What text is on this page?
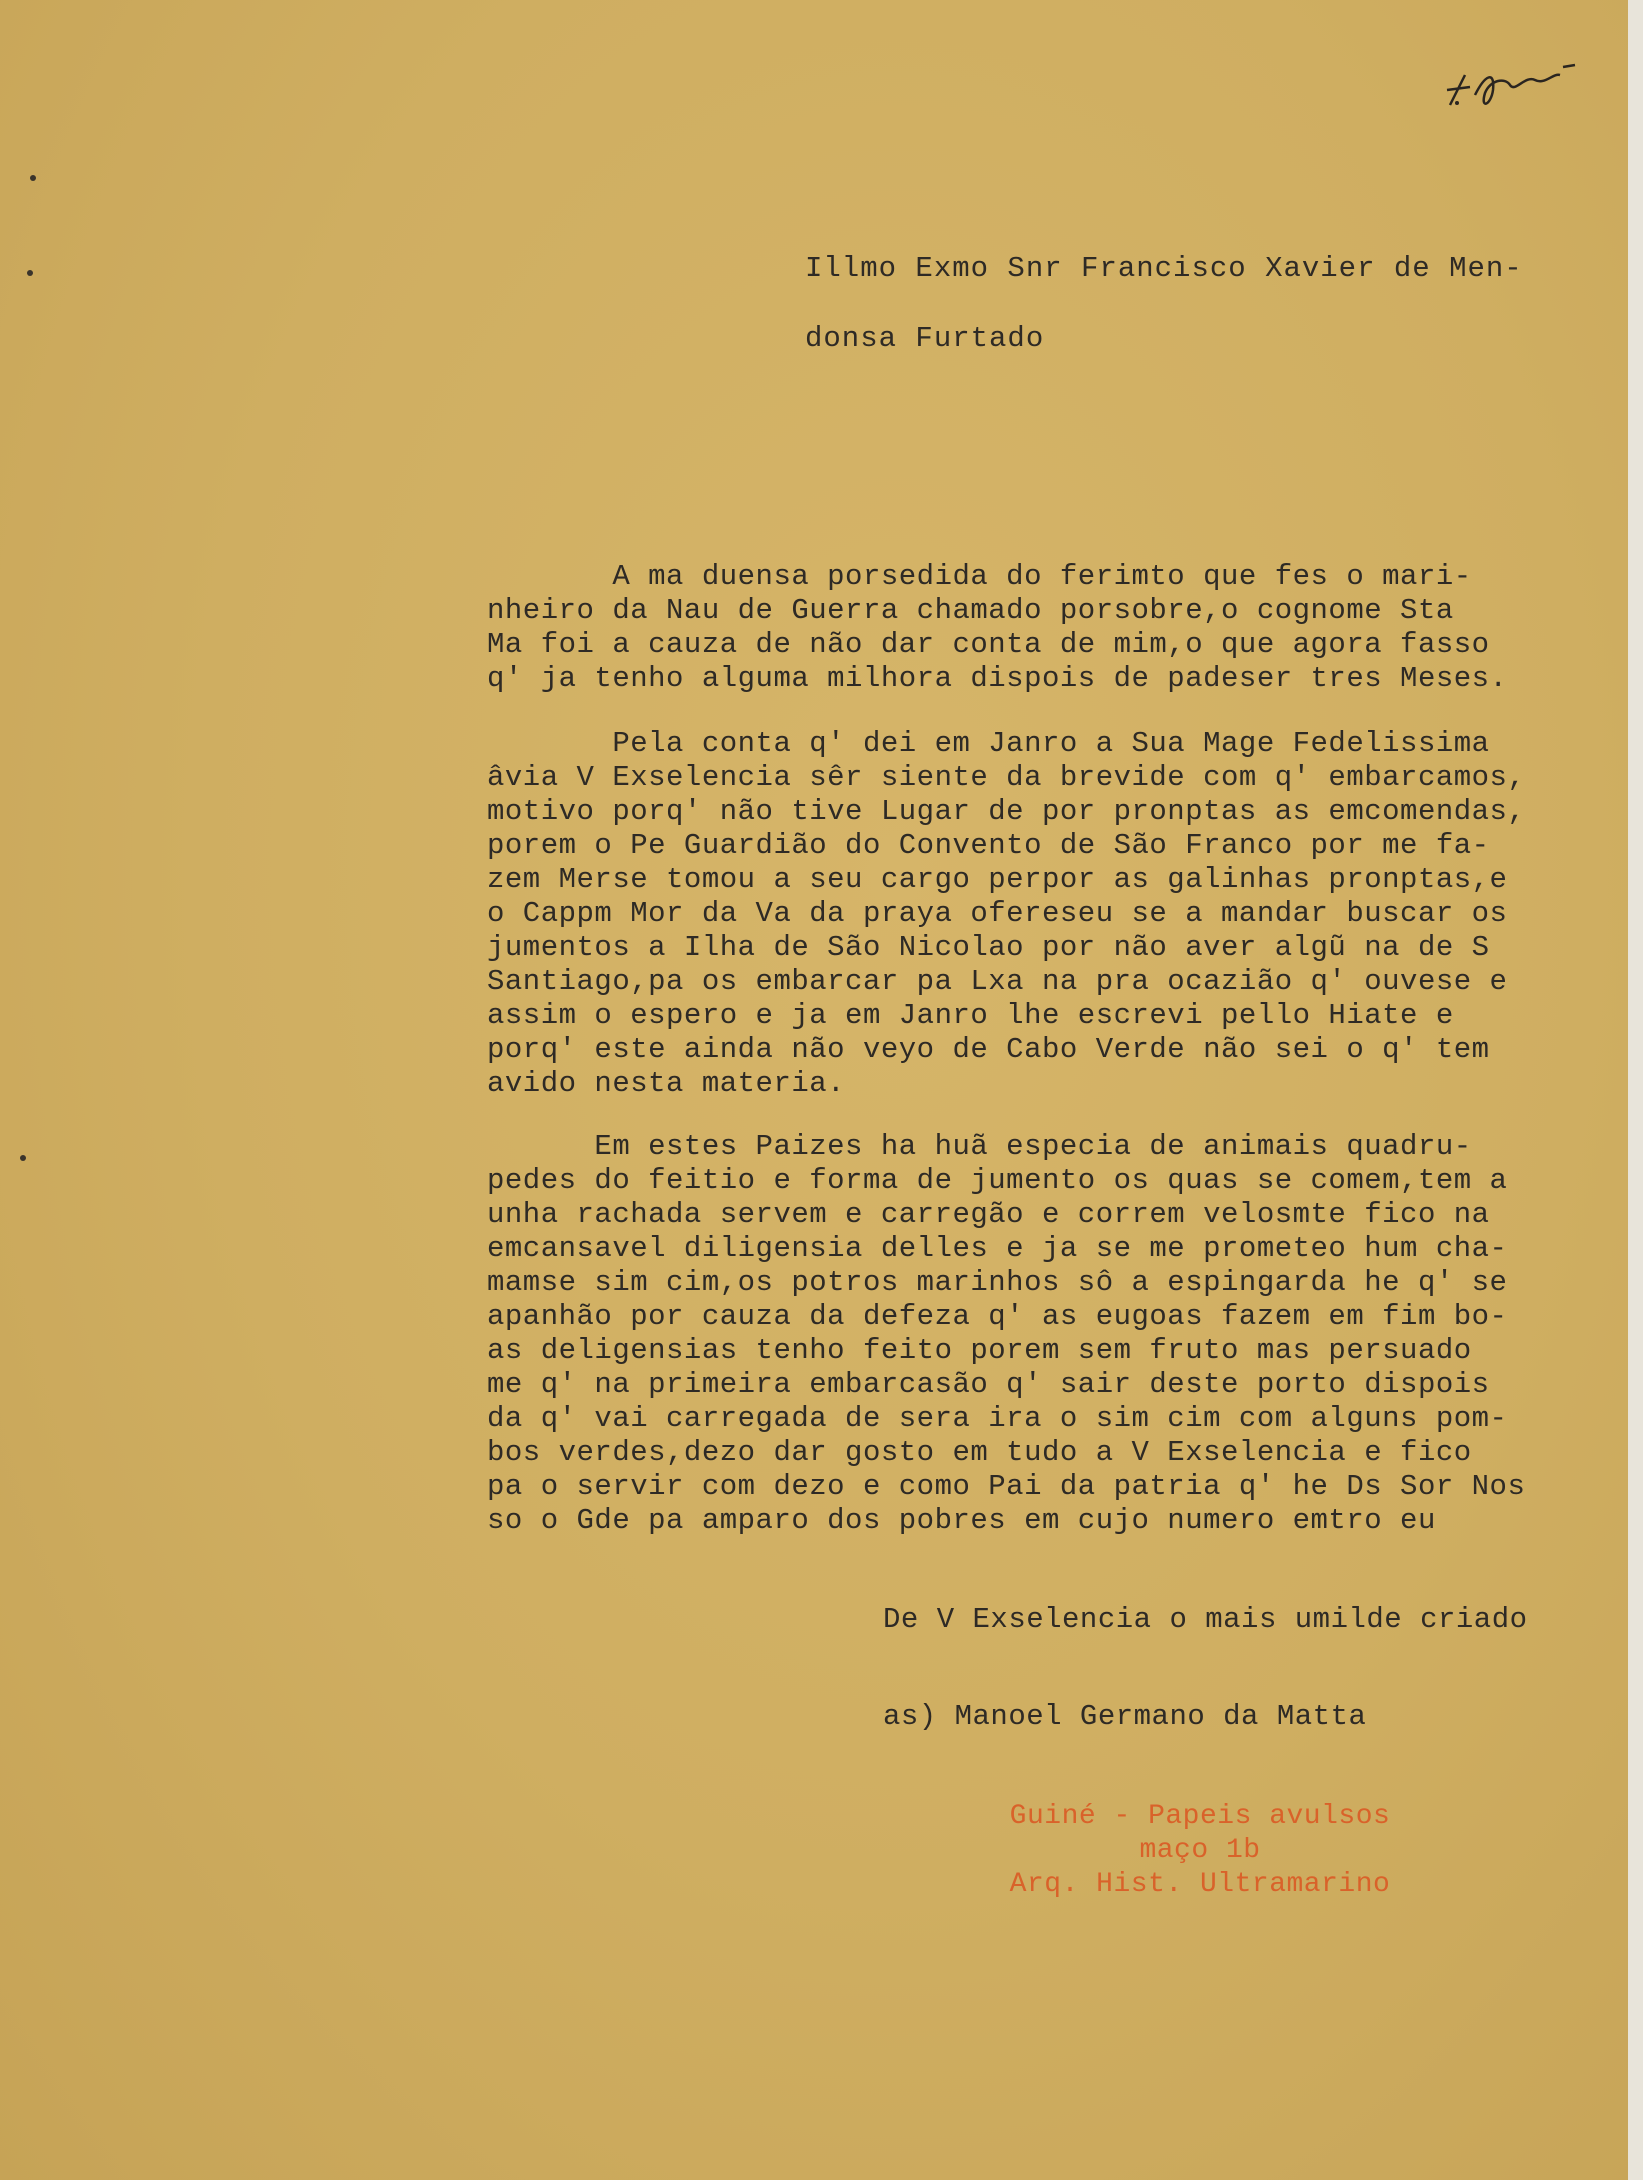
Illmo Exmo Snr Francisco Xavier de Men-
donsa Furtado
A ma duensa porsedida do ferimto que fes o mari-
nheiro da Nau de Guerra chamado porsobre,o cognome Sta
Ma foi a cauza de não dar conta de mim,o que agora fasso
q' ja tenho alguma milhora dispois de padeser tres Meses.
Pela conta q' dei em Janro a Sua Mage Fedelissima
âvia V Exselencia sêr siente da brevide com q' embarcamos,
motivo porq' não tive Lugar de por pronptas as emcomendas,
porem o Pe Guardião do Convento de São Franco por me fa-
zem Merse tomou a seu cargo perpor as galinhas pronptas,e
o Cappm Mor da Va da praya ofereseu se a mandar buscar os
jumentos a Ilha de São Nicolao por não aver algũ na de S
Santiago,pa os embarcar pa Lxa na pra ocazião q' ouvese e
assim o espero e ja em Janro lhe escrevi pello Hiate e
porq' este ainda não veyo de Cabo Verde não sei o q' tem
avido nesta materia.
Em estes Paizes ha huã especia de animais quadru-
pedes do feitio e forma de jumento os quas se comem,tem a
unha rachada servem e carregão e correm velosmte fico na
emcansavel diligensia delles e ja se me prometeo hum cha-
mamse sim cim,os potros marinhos sô a espingarda he q' se
apanhão por cauza da defeza q' as eugoas fazem em fim bo-
as deligensias tenho feito porem sem fruto mas persuado
me q' na primeira embarcasão q' sair deste porto dispois
da q' vai carregada de sera ira o sim cim com alguns pom-
bos verdes,dezo dar gosto em tudo a V Exselencia e fico
pa o servir com dezo e como Pai da patria q' he Ds Sor Nos
so o Gde pa amparo dos pobres em cujo numero emtro eu
De V Exselencia o mais umilde criado
as) Manoel Germano da Matta
Guiné - Papeis avulsos
maço 1b
Arq. Hist. Ultramarino
